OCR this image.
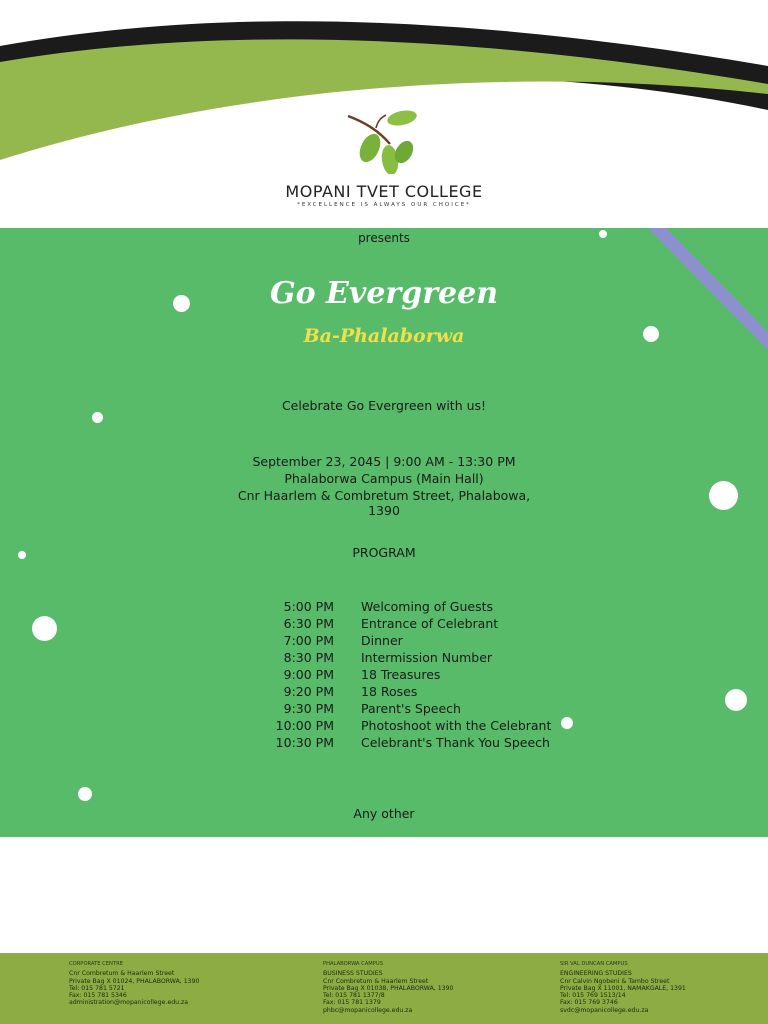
MOPANI TVET COLLEGE
*EXCELLENCE IS ALWAYS OUR CHOICE*
presents
Go Evergreen
Ba-Phalaborwa
Celebrate Go Evergreen with us!
September 23, 2045 | 9:00 AM - 13:30 PM
Phalaborwa Campus (Main Hall)
Cnr Haarlem & Combretum Street, Phalabowa,
1390
PROGRAM
5:00 PM Welcoming of Guests
6:30 PM Entrance of Celebrant
7:00 PM Dinner
8:30 PM Intermission Number
9:00 PM 18 Treasures
9:20 PM 18 Roses
9:30 PM Parent's Speech
10:00 PM Photoshoot with the Celebrant
10:30 PM Celebrant's Thank You Speech
Any other
CORPORATE CENTRE
Cnr Combretum & Haarlem Street
Private Bag X 01024, PHALABORWA, 1390
Tel: 015 781 5721
Fax: 015 781 5346
administration@mopanicollege.edu.za
PHALABORWA CAMPUS
BUSINESS STUDIES
Cnr Combretum & Haarlem Street
Private Bag X 01038, PHALABORWA, 1390
Tel: 015 781 1377/8
Fax: 015 781 1379
phbc@mopanicollege.edu.za
SIR VAL DUNCAN CAMPUS
ENGINEERING STUDIES
Cnr Calvin Ngobeni & Tambo Street
Private Bag X 11001, NAMAKGALE, 1391
Tel: 015 769 1513/14
Fax: 015 769 3746
svdc@mopanicollege.edu.za
